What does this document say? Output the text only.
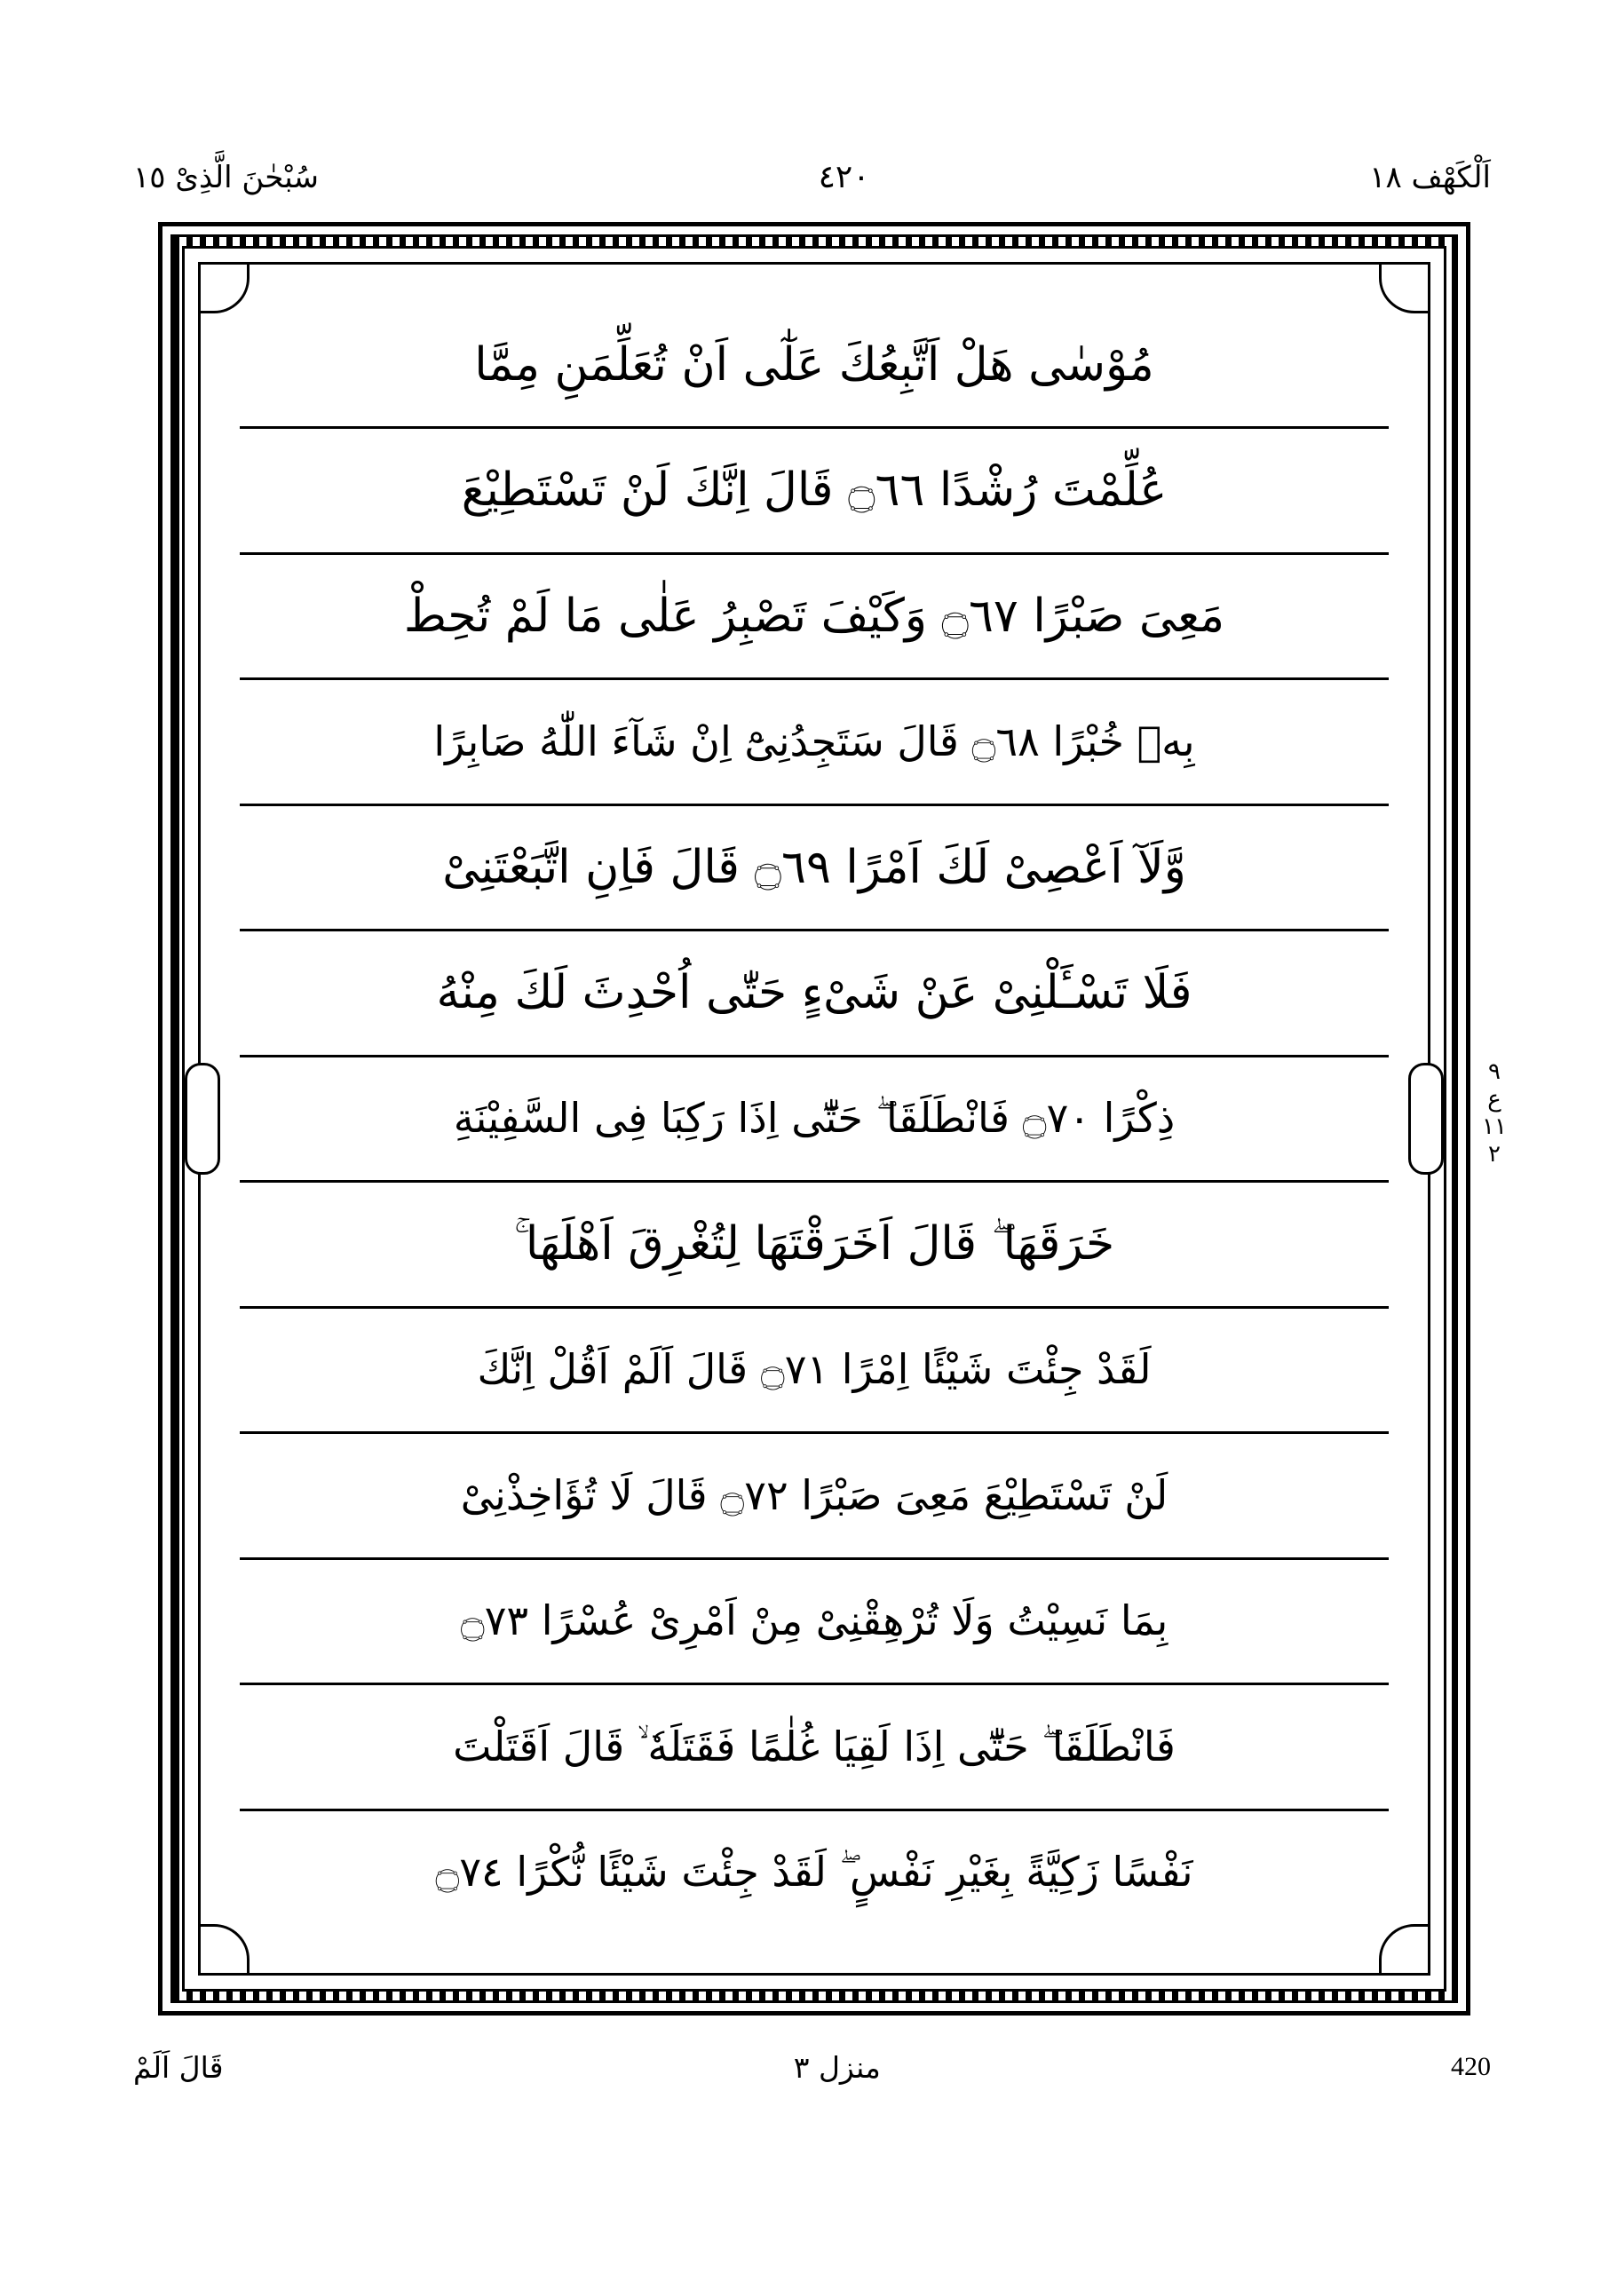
سُبْحٰنَ الَّذِىْ ١٥	٤٢٠	اَلْكَهْف ١٨
مُوْسٰى هَلْ اَتَّبِعُكَ عَلٰٓى اَنْ تُعَلِّمَنِ مِمَّا
عُلِّمْتَ رُشْدًا ۝٦٦ قَالَ اِنَّكَ لَنْ تَسْتَطِيْعَ
مَعِىَ صَبْرًا ۝٦٧ وَكَيْفَ تَصْبِرُ عَلٰى مَا لَمْ تُحِطْ
بِهٖ خُبْرًا ۝٦٨ قَالَ سَتَجِدُنِىْٓ اِنْ شَآءَ اللّٰهُ صَابِرًا
وَّلَآ اَعْصِىْ لَكَ اَمْرًا ۝٦٩ قَالَ فَاِنِ اتَّبَعْتَنِىْ
فَلَا تَسْـَٔلْنِىْ عَنْ شَىْءٍ حَتّٰى اُحْدِثَ لَكَ مِنْهُ
ذِكْرًا ۝٧٠ فَانْطَلَقَا ۖ حَتّٰٓى اِذَا رَكِبَا فِى السَّفِيْنَةِ
خَرَقَهَا ۖ قَالَ اَخَرَقْتَهَا لِتُغْرِقَ اَهْلَهَا ۚ
لَقَدْ جِئْتَ شَيْئًا اِمْرًا ۝٧١ قَالَ اَلَمْ اَقُلْ اِنَّكَ
لَنْ تَسْتَطِيْعَ مَعِىَ صَبْرًا ۝٧٢ قَالَ لَا تُؤَاخِذْنِىْ
بِمَا نَسِيْتُ وَلَا تُرْهِقْنِىْ مِنْ اَمْرِىْ عُسْرًا ۝٧٣
فَانْطَلَقَا ۖ حَتّٰٓى اِذَا لَقِيَا غُلٰمًا فَقَتَلَهٗ ۙ قَالَ اَقَتَلْتَ
نَفْسًا زَكِيَّةً بِغَيْرِ نَفْسٍ ۖ لَقَدْ جِئْتَ شَيْئًا نُّكْرًا ۝٧٤
٩
ع
١١
٢
قَالَ اَلَمْ	منزل ٣	420
